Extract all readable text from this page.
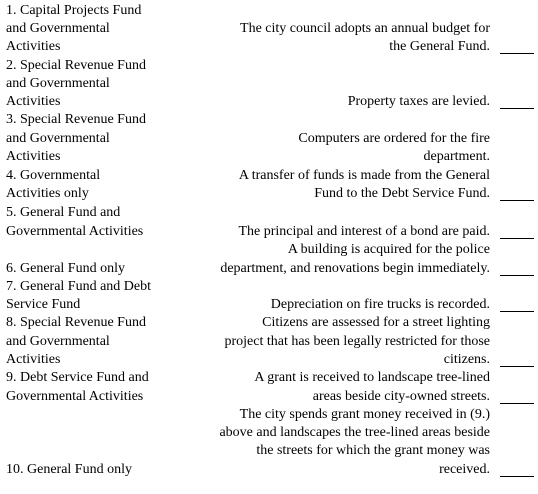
1. Capital Projects Fund
and Governmental
Activities
2. Special Revenue Fund
and Governmental
Activities
3. Special Revenue Fund
and Governmental
Activities
4. Governmental
Activities only
5. General Fund and
Governmental Activities
6. General Fund only
7. General Fund and Debt
Service Fund
8. Special Revenue Fund
and Governmental
Activities
9. Debt Service Fund and
Governmental Activities
10. General Fund only
The city council adopts an annual budget for
the General Fund.
Property taxes are levied.
Computers are ordered for the fire
department.
A transfer of funds is made from the General
Fund to the Debt Service Fund.
The principal and interest of a bond are paid.
A building is acquired for the police
department, and renovations begin immediately.
Depreciation on fire trucks is recorded.
Citizens are assessed for a street lighting
project that has been legally restricted for those
citizens.
A grant is received to landscape tree-lined
areas beside city-owned streets.
The city spends grant money received in (9.)
above and landscapes the tree-lined areas beside
the streets for which the grant money was
received.
